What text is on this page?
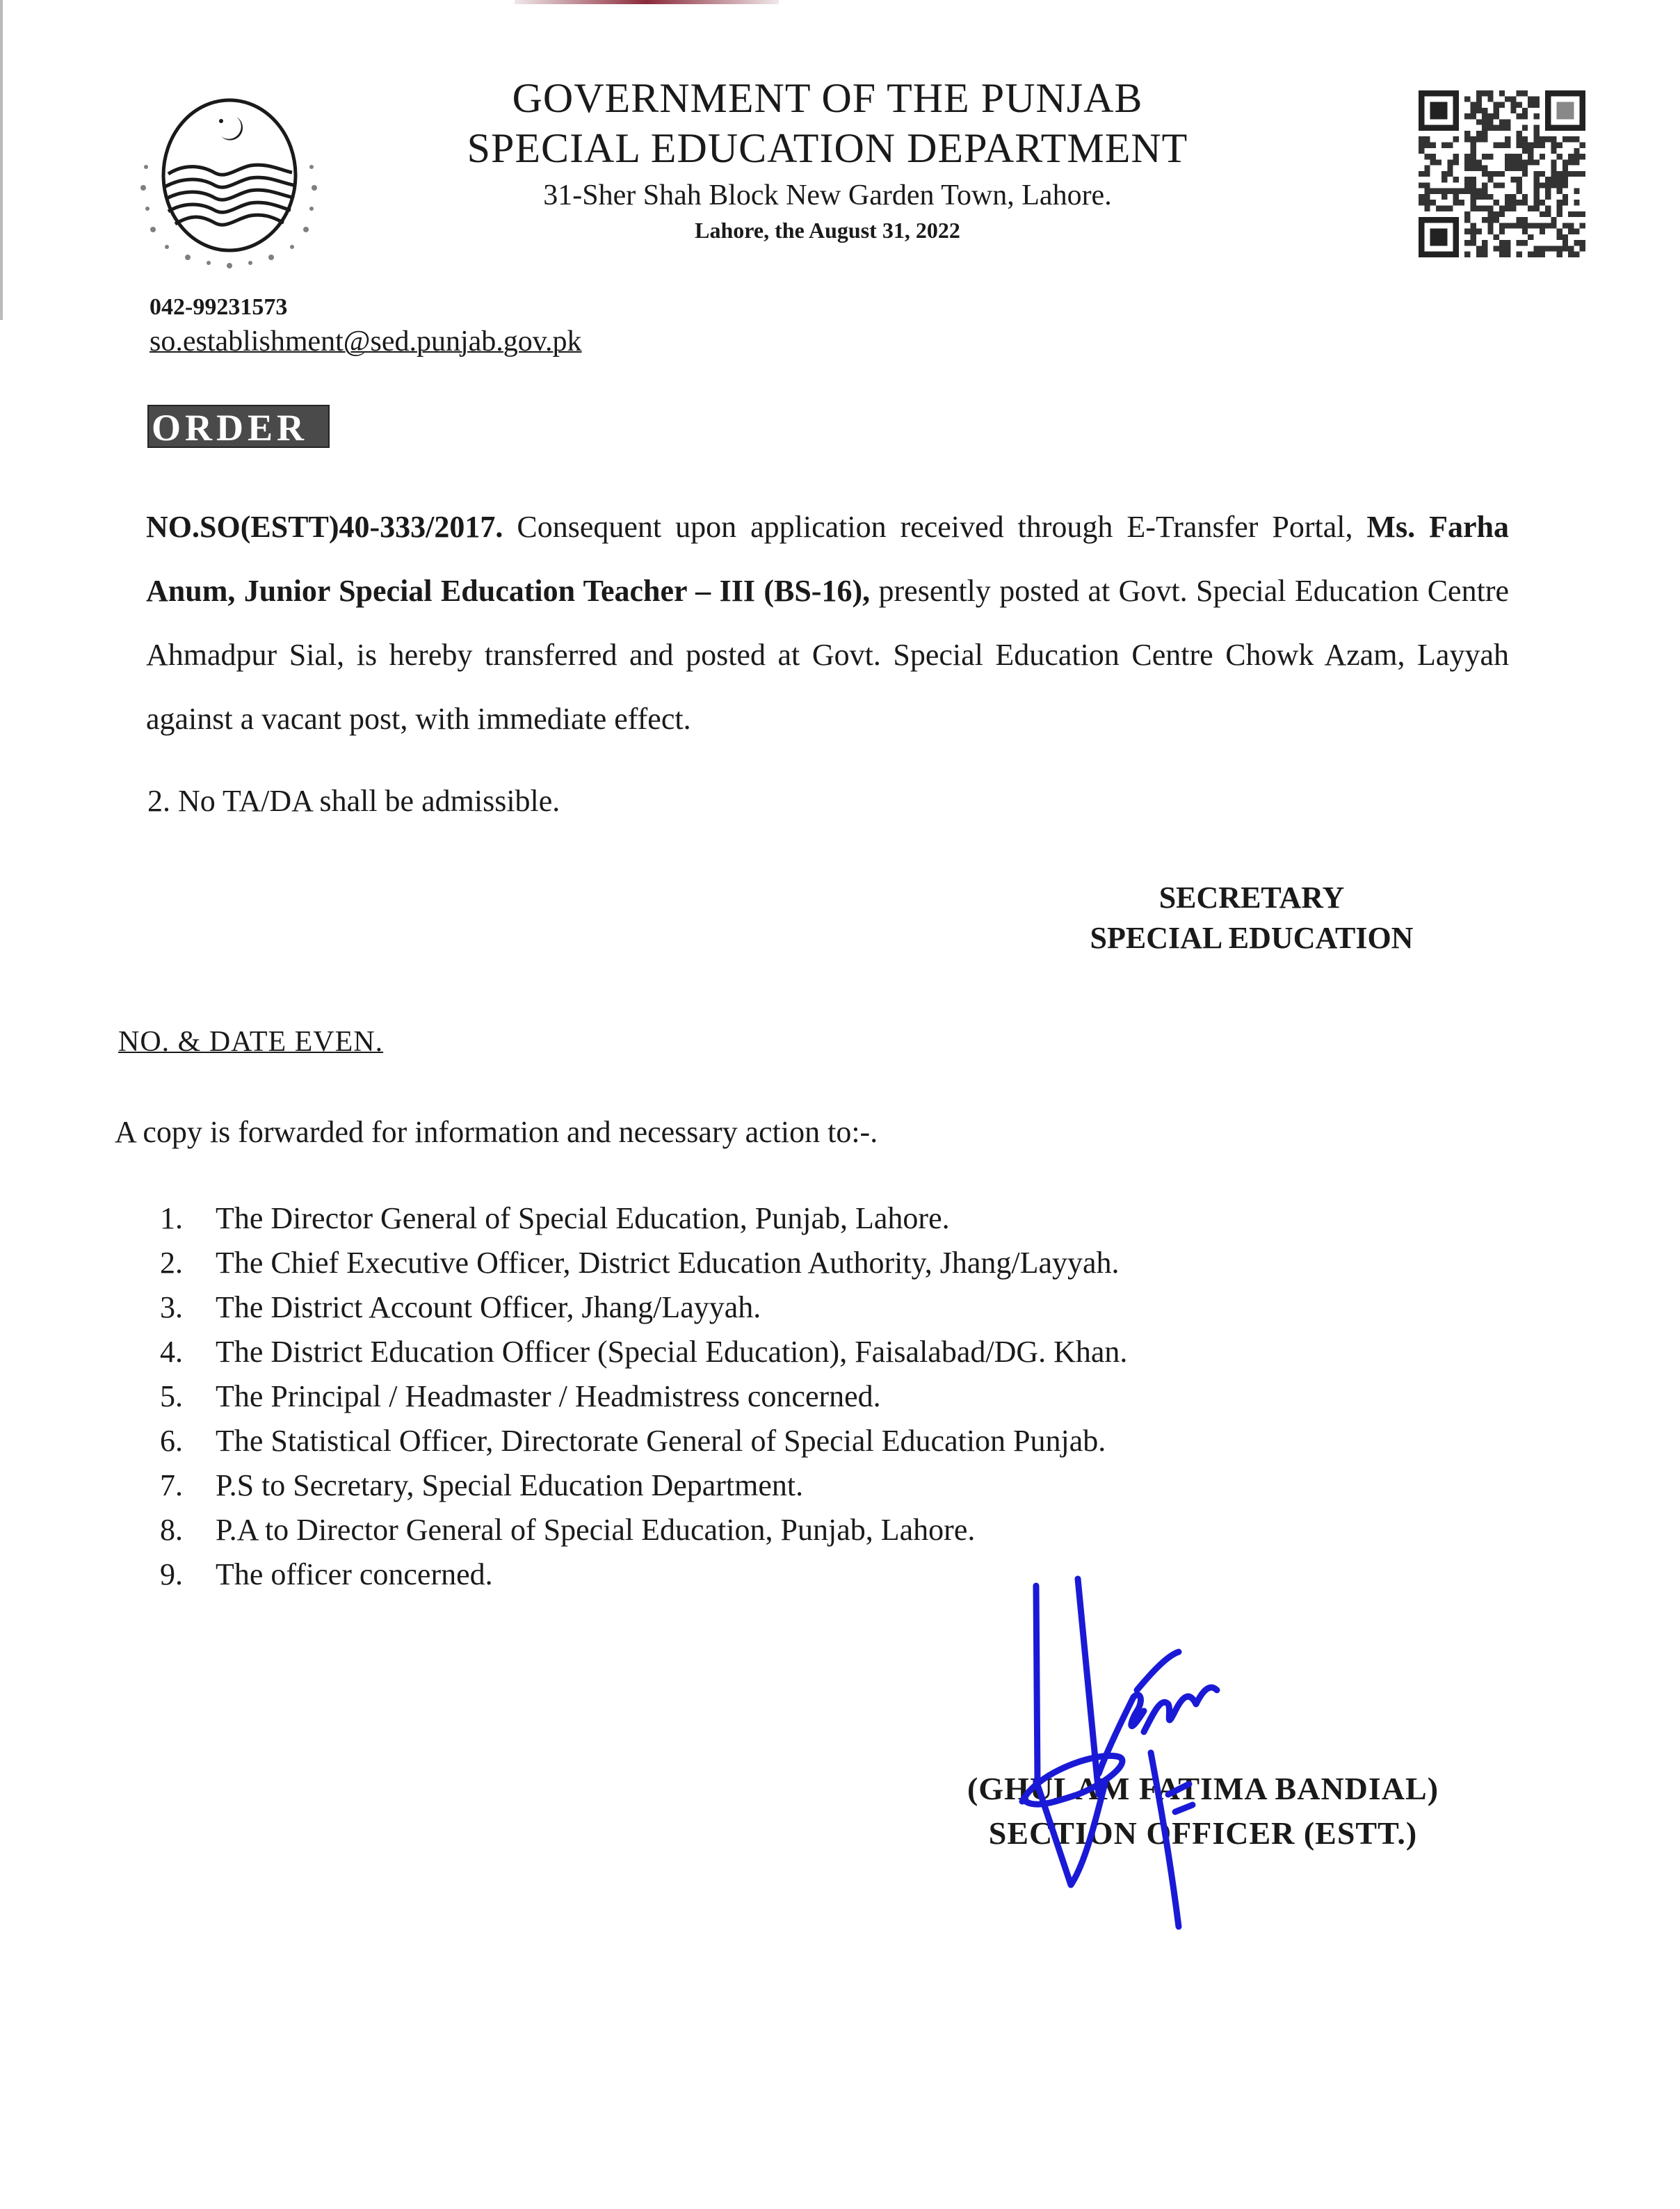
GOVERNMENT OF THE PUNJAB
SPECIAL EDUCATION DEPARTMENT
31-Sher Shah Block New Garden Town, Lahore.
Lahore, the August 31, 2022
042-99231573
so.establishment@sed.punjab.gov.pk
ORDER
NO.SO(ESTT)40-333/2017. Consequent upon application received through E-Transfer Portal, Ms. Farha Anum, Junior Special Education Teacher – III (BS-16), presently posted at Govt. Special Education Centre Ahmadpur Sial, is hereby transferred and posted at Govt. Special Education Centre Chowk Azam, Layyah against a vacant post, with immediate effect.
2. No TA/DA shall be admissible.
SECRETARY
SPECIAL EDUCATION
NO. & DATE EVEN.
A copy is forwarded for information and necessary action to:-.
1.	The Director General of Special Education, Punjab, Lahore.
2.	The Chief Executive Officer, District Education Authority, Jhang/Layyah.
3.	The District Account Officer, Jhang/Layyah.
4.	The District Education Officer (Special Education), Faisalabad/DG. Khan.
5.	The Principal / Headmaster / Headmistress concerned.
6.	The Statistical Officer, Directorate General of Special Education Punjab.
7.	P.S to Secretary, Special Education Department.
8.	P.A to Director General of Special Education, Punjab, Lahore.
9.	The officer concerned.
(GHULAM FATIMA BANDIAL)
SECTION OFFICER (ESTT.)
